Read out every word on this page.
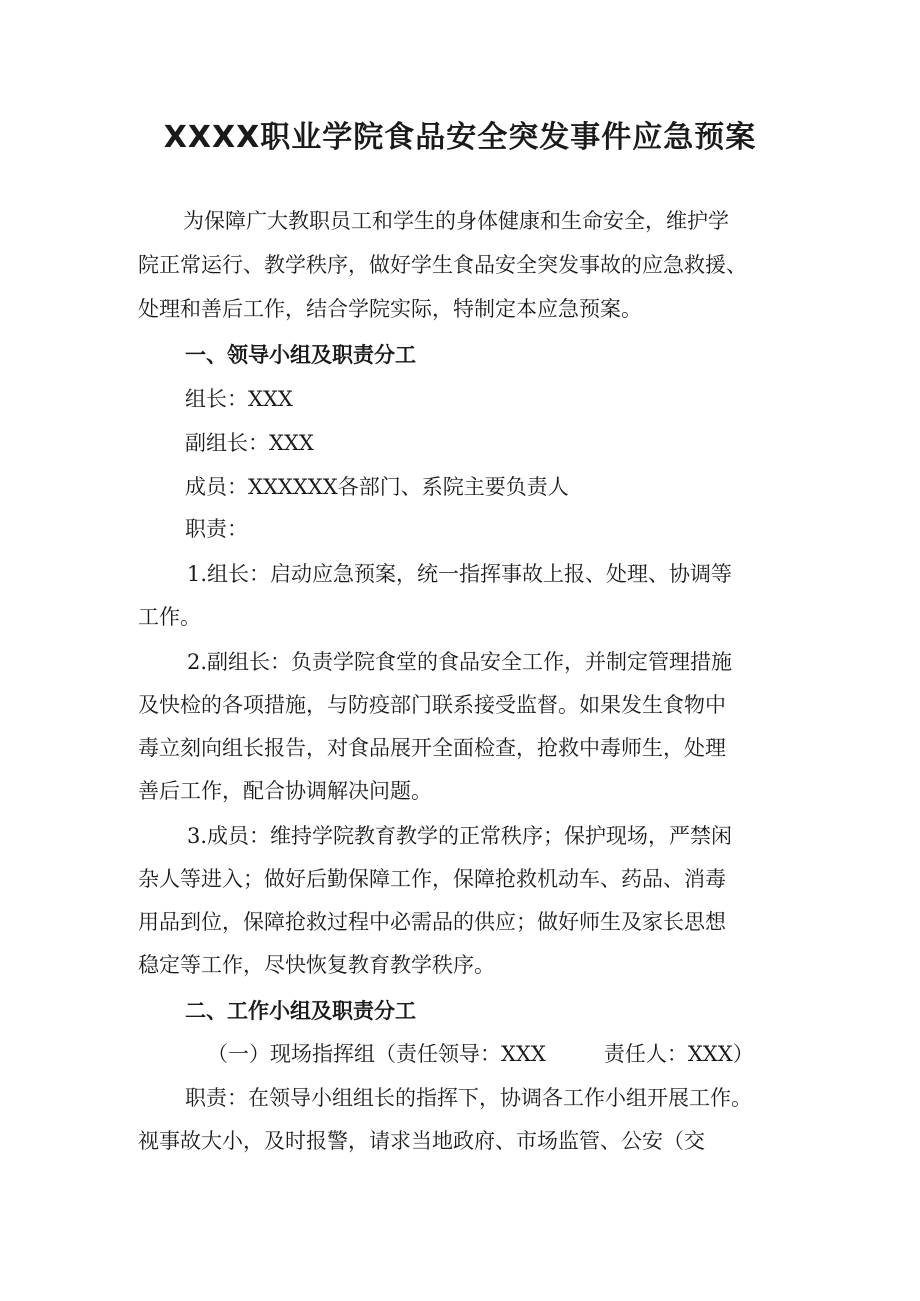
XXXX职业学院食品安全突发事件应急预案
为保障广大教职员工和学生的身体健康和生命安全，维护学
院正常运行、教学秩序，做好学生食品安全突发事故的应急救援、
处理和善后工作，结合学院实际，特制定本应急预案。
一、领导小组及职责分工
组长：XXX
副组长：XXX
成员：XXXXXX各部门、系院主要负责人
职责：
1.组长：启动应急预案，统一指挥事故上报、处理、协调等
工作。
2.副组长：负责学院食堂的食品安全工作，并制定管理措施
及快检的各项措施，与防疫部门联系接受监督。如果发生食物中
毒立刻向组长报告，对食品展开全面检查，抢救中毒师生，处理
善后工作，配合协调解决问题。
3.成员：维持学院教育教学的正常秩序；保护现场，严禁闲
杂人等进入；做好后勤保障工作，保障抢救机动车、药品、消毒
用品到位，保障抢救过程中必需品的供应；做好师生及家长思想
稳定等工作，尽快恢复教育教学秩序。
二、工作小组及职责分工
（一）现场指挥组（责任领导：XXX	责任人：XXX）
职责：在领导小组组长的指挥下，协调各工作小组开展工作。
视事故大小，及时报警，请求当地政府、市场监管、公安（交
